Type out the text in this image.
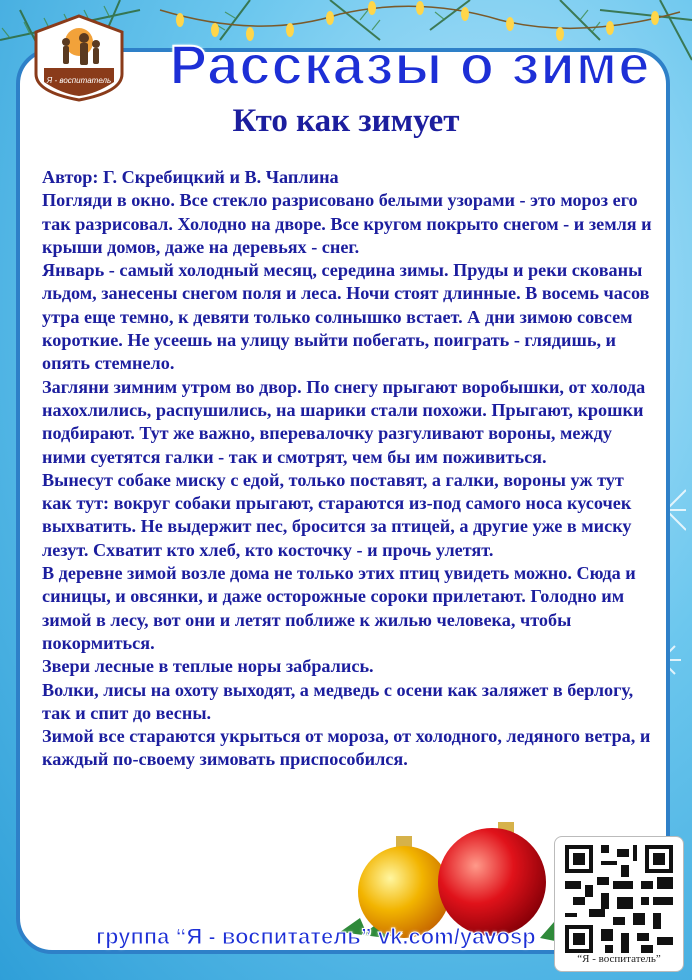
Я - воспитатель	Рассказы о зиме
Кто как зимует

Автор: Г. Скребицкий и В. Чаплина

Погляди в окно. Все стекло разрисовано белыми узорами - это мороз его так разрисовал. Холодно на дворе. Все кругом покрыто снегом - и земля и крыши домов, даже на деревьях - снег.

Январь - самый холодный месяц, середина зимы. Пруды и реки скованы льдом, занесены снегом поля и леса. Ночи стоят длинные. В восемь часов утра еще темно, к девяти только солнышко встает. А дни зимою совсем короткие. Не усеешь на улицу выйти побегать, поиграть - глядишь, и опять стемнело.

Загляни зимним утром во двор. По снегу прыгают воробышки, от холода нахохлились, распушились, на шарики стали похожи. Прыгают, крошки подбирают. Тут же важно, вперевалочку разгуливают вороны, между ними суетятся галки - так и смотрят, чем бы им поживиться.

Вынесут собаке миску с едой, только поставят, а галки, вороны уж тут как тут: вокруг собаки прыгают, стараются из-под самого носа кусочек выхватить. Не выдержит пес, бросится за птицей, а другие уже в миску лезут. Схватит кто хлеб, кто косточку - и прочь улетят.

В деревне зимой возле дома не только этих птиц увидеть можно. Сюда и синицы, и овсянки, и даже осторожные сороки прилетают. Голодно им зимой в лесу, вот они и летят поближе к жилью человека, чтобы покормиться.

Звери лесные в теплые норы забрались.

Волки, лисы на охоту выходят, а медведь с осени как заляжет в берлогу, так и спит до весны.

Зимой все стараются укрыться от мороза, от холодного, ледяного ветра, и каждый по-своему зимовать приспособился.

“Я - воспитатель”
группа “Я - воспитатель” vk.com/yavosp
